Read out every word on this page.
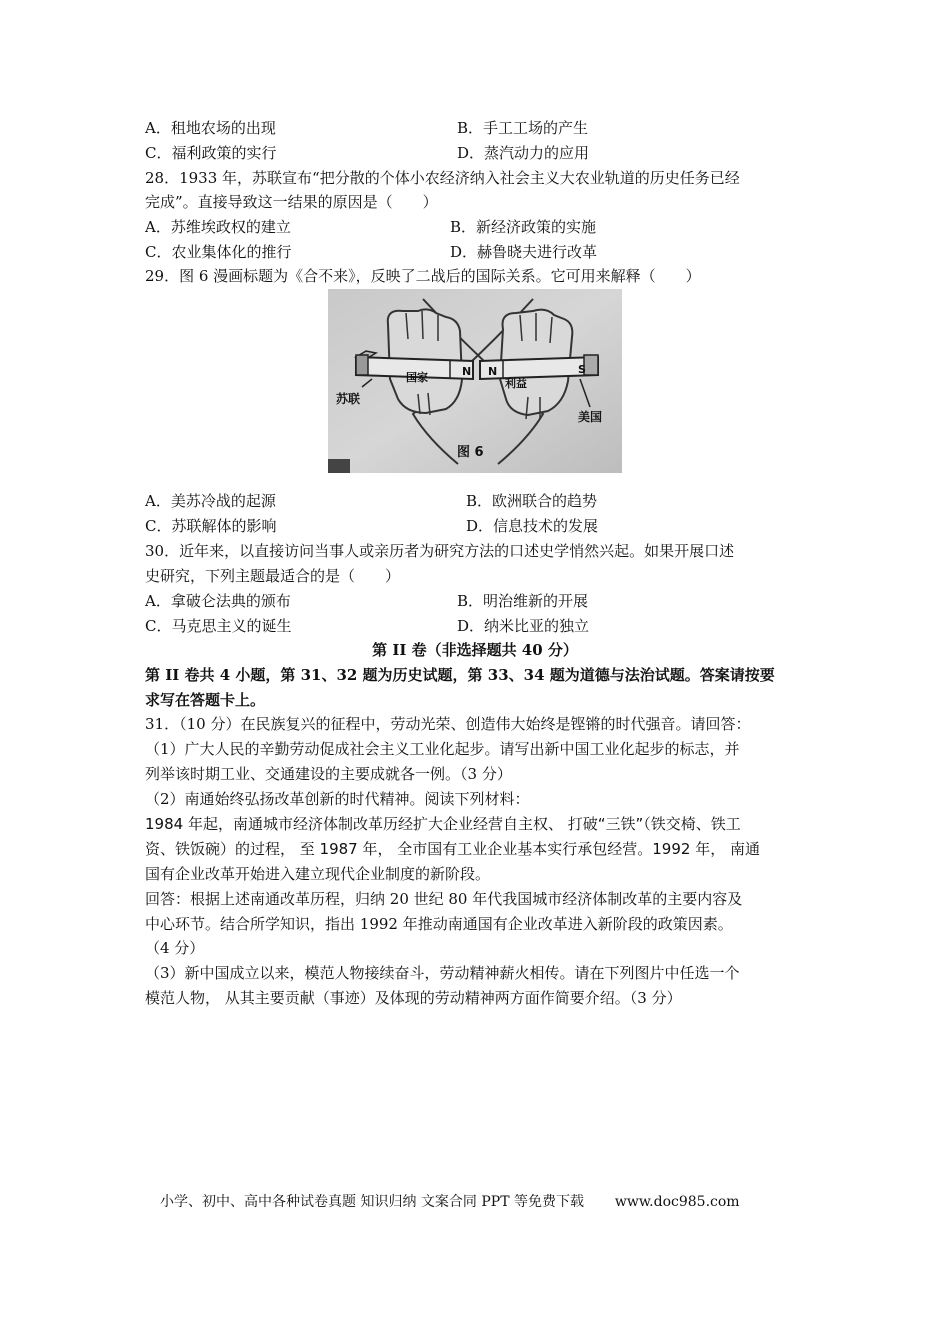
A．租地农场的出现	B．手工工场的产生
C．福利政策的实行	D．蒸汽动力的应用
28．1933 年，苏联宣布“把分散的个体小农经济纳入社会主义大农业轨道的历史任务已经
完成”。直接导致这一结果的原因是（　　）
A．苏维埃政权的建立	B．新经济政策的实施
C．农业集体化的推行	D．赫鲁晓夫进行改革
29．图 6 漫画标题为《合不来》，反映了二战后的国际关系。它可用来解释（　　）
N N	S
国家	利益
苏联
美国
图 6
A．美苏冷战的起源	B．欧洲联合的趋势
C．苏联解体的影响	D．信息技术的发展
30．近年来，以直接访问当事人或亲历者为研究方法的口述史学悄然兴起。如果开展口述
史研究，下列主题最适合的是（　　）
A．拿破仑法典的颁布	B．明治维新的开展
C．马克思主义的诞生	D．纳米比亚的独立
第 II 卷（非选择题共 40 分）
第 II 卷共 4 小题，第 31、32 题为历史试题，第 33、34 题为道德与法治试题。答案请按要
求写在答题卡上。
31．（10 分）在民族复兴的征程中，劳动光荣、创造伟大始终是铿锵的时代强音。请回答：
（1）广大人民的辛勤劳动促成社会主义工业化起步。请写出新中国工业化起步的标志，并
列举该时期工业、交通建设的主要成就各一例。（3 分）
（2）南通始终弘扬改革创新的时代精神。阅读下列材料：
1984 年起，南通城市经济体制改革历经扩大企业经营自主权、 打破“三铁”（铁交椅、铁工
资、铁饭碗）的过程， 至 1987 年， 全市国有工业企业基本实行承包经营。1992 年， 南通
国有企业改革开始进入建立现代企业制度的新阶段。
回答：根据上述南通改革历程，归纳 20 世纪 80 年代我国城市经济体制改革的主要内容及
中心环节。结合所学知识，指出 1992 年推动南通国有企业改革进入新阶段的政策因素。
（4 分）
（3）新中国成立以来，模范人物接续奋斗，劳动精神薪火相传。请在下列图片中任选一个
模范人物， 从其主要贡献（事迹）及体现的劳动精神两方面作简要介绍。（3 分）
小学、初中、高中各种试卷真题 知识归纳 文案合同 PPT 等免费下载 www.doc985.com
